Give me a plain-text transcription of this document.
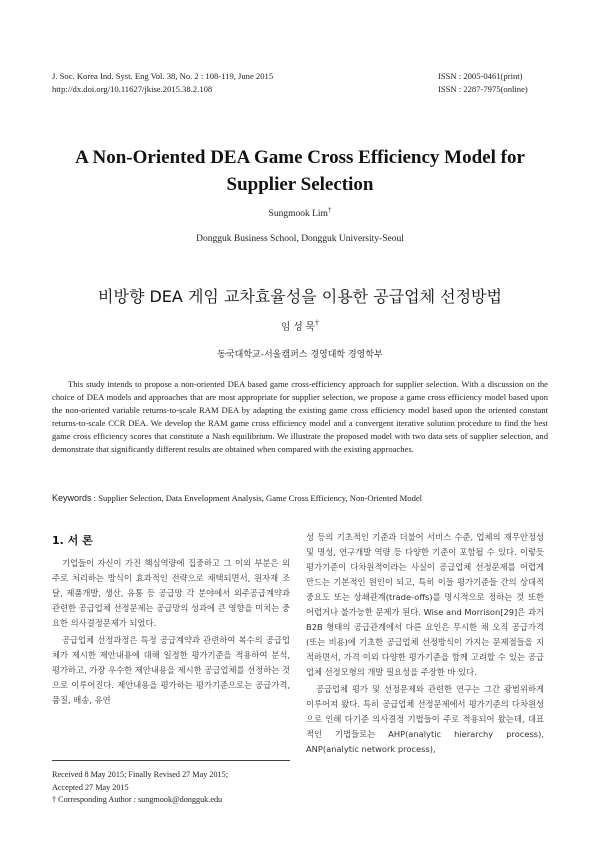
J. Soc. Korea Ind. Syst. Eng Vol. 38, No. 2 : 108-119, June 2015
http://dx.doi.org/10.11627/jkise.2015.38.2.108
ISSN : 2005-0461(print)
ISSN : 2287-7975(online)
A Non-Oriented DEA Game Cross Efficiency Model for
Supplier Selection
Sungmook Lim†
Dongguk Business School, Dongguk University-Seoul
비방향 DEA 게임 교차효율성을 이용한 공급업체 선정방법
임 성 묵†
동국대학교-서울캠퍼스 경영대학 경영학부
This study intends to propose a non-oriented DEA based game cross-efficiency approach for supplier selection. With a discussion on the choice of DEA models and approaches that are most appropriate for supplier selection, we propose a game cross efficiency model based upon the non-oriented variable returns-to-scale RAM DEA by adapting the existing game cross efficiency model based upon the oriented constant returns-to-scale CCR DEA. We develop the RAM game cross efficiency model and a convergent iterative solution procedure to find the best game cross efficiency scores that constitute a Nash equilibrium. We illustrate the proposed model with two data sets of supplier selection, and demonstrate that significantly different results are obtained when compared with the existing approaches.
Keywords : Supplier Selection, Data Envelopment Analysis, Game Cross Efficiency, Non-Oriented Model
1. 서 론

기업들이 자신이 가진 핵심역량에 집중하고 그 이외 부분은 외주로 처리하는 방식이 효과적인 전략으로 채택되면서, 원자재 조달, 제품개발, 생산, 유통 등 공급망 각 분야에서 외주공급계약과 관련한 공급업체 선정문제는 공급망의 성과에 큰 영향을 미치는 중요한 의사결정문제가 되었다.

공급업체 선정과정은 특정 공급계약과 관련하여 복수의 공급업체가 제시한 제안내용에 대해 일정한 평가기준을 적용하여 분석, 평가하고, 가장 우수한 제안내용을 제시한 공급업체를 선정하는 것으로 이루어진다. 제안내용을 평가하는 평가기준으로는 공급가격, 품질, 배송, 유연

성 등의 기초적인 기준과 더불어 서비스 수준, 업체의 재무안정성 및 명성, 연구개발 역량 등 다양한 기준이 포함될 수 있다. 이렇듯 평가기준이 다차원적이라는 사실이 공급업체 선정문제를 어렵게 만드는 기본적인 원인이 되고, 특히 이들 평가기준들 간의 상대적 중요도 또는 상쇄관계(trade-offs)를 명시적으로 정하는 것 또한 어렵거나 불가능한 문제가 된다. Wise and Morrison[29]은 과거 B2B 형태의 공급관계에서 다른 요인은 무시한 채 오직 공급가격(또는 비용)에 기초한 공급업체 선정방식이 가지는 문제점들을 지적하면서, 가격 이외 다양한 평가기준을 함께 고려할 수 있는 공급업체 선정모형의 개발 필요성을 주장한 바 있다.

공급업체 평가 및 선정문제와 관련한 연구는 그간 광범위하게 이루어져 왔다. 특히 공급업체 선정문제에서 평가기준의 다차원성으로 인해 다기준 의사결정 기법들이 주로 적용되어 왔는데, 대표적인 기법들로는 AHP(analytic hierarchy process), ANP(analytic network process),

Received 8 May 2015; Finally Revised 27 May 2015;
Accepted 27 May 2015
† Corresponding Author : sungmook@dongguk.edu
